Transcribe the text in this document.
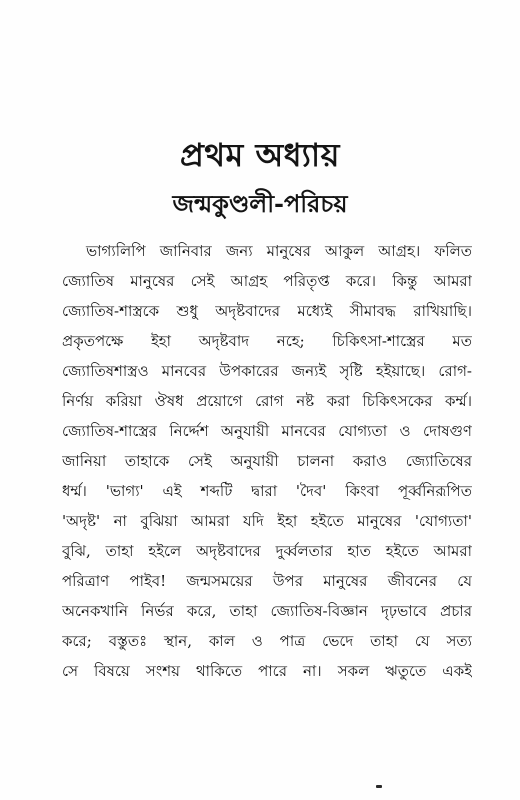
প্রথম অধ্যায়
জন্মকুণ্ডলী-পরিচয়
ভাগ্যলিপি জানিবার জন্য মানুষের আকুল আগ্রহ। ফলিত
জ্যোতিষ মানুষের সেই আগ্রহ পরিতৃপ্ত করে। কিন্তু আমরা
জ্যোতিষ-শাস্ত্রকে শুধু অদৃষ্টবাদের মধ্যেই সীমাবদ্ধ রাখিয়াছি।
প্রকৃতপক্ষে ইহা অদৃষ্টবাদ নহে; চিকিৎসা-শাস্ত্রের মত
জ্যোতিষশাস্ত্রও মানবের উপকারের জন্যই সৃষ্টি হইয়াছে। রোগ-
নির্ণয় করিয়া ঔষধ প্রয়োগে রোগ নষ্ট করা চিকিৎসকের কর্ম্ম।
জ্যোতিষ-শাস্ত্রের নির্দ্দেশ অনুযায়ী মানবের যোগ্যতা ও দোষগুণ
জানিয়া তাহাকে সেই অনুযায়ী চালনা করাও জ্যোতিষের
ধর্ম্ম। 'ভাগ্য' এই শব্দটি দ্বারা 'দৈব' কিংবা পূর্ব্বনিরূপিত
'অদৃষ্ট' না বুঝিয়া আমরা যদি ইহা হইতে মানুষের 'যোগ্যতা'
বুঝি, তাহা হইলে অদৃষ্টবাদের দুর্ব্বলতার হাত হইতে আমরা
পরিত্রাণ পাইব! জন্মসময়ের উপর মানুষের জীবনের যে
অনেকখানি নির্ভর করে, তাহা জ্যোতিষ-বিজ্ঞান দৃঢ়ভাবে প্রচার
করে; বস্তুতঃ স্থান, কাল ও পাত্র ভেদে তাহা যে সত্য
সে বিষয়ে সংশয় থাকিতে পারে না। সকল ঋতুতে একই
